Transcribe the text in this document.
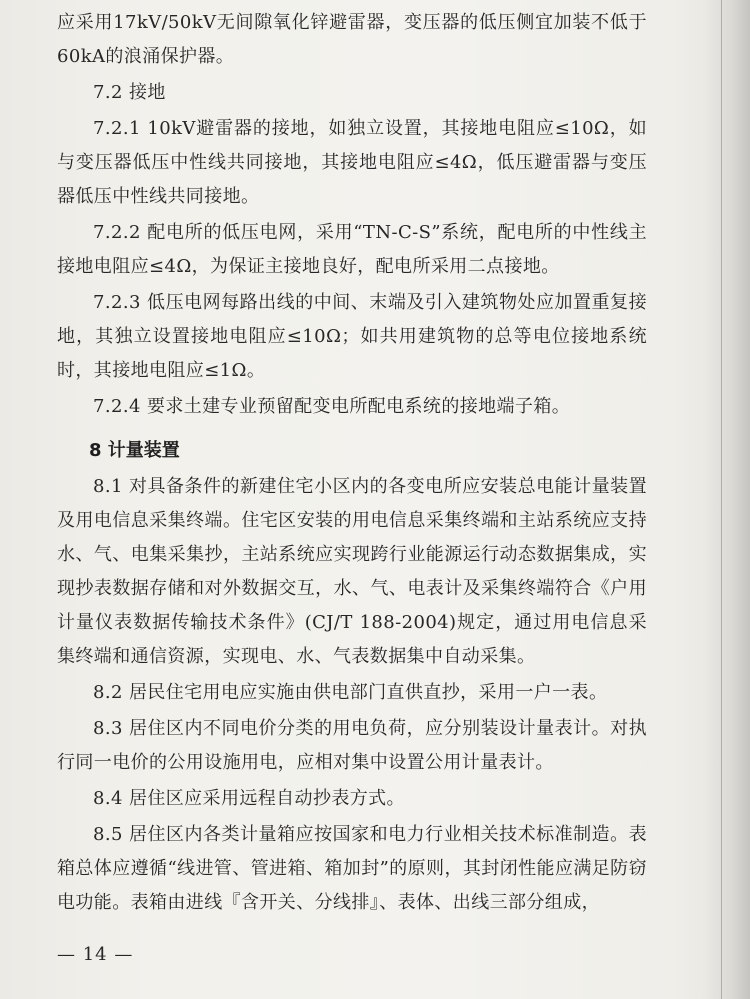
应采用17kV/50kV无间隙氧化锌避雷器，变压器的低压侧宜加装不低于60kA的浪涌保护器。

7.2 接地

7.2.1 10kV避雷器的接地，如独立设置，其接地电阻应≤10Ω，如与变压器低压中性线共同接地，其接地电阻应≤4Ω，低压避雷器与变压器低压中性线共同接地。

7.2.2 配电所的低压电网，采用“TN-C-S”系统，配电所的中性线主接地电阻应≤4Ω，为保证主接地良好，配电所采用二点接地。

7.2.3 低压电网每路出线的中间、末端及引入建筑物处应加置重复接地，其独立设置接地电阻应≤10Ω；如共用建筑物的总等电位接地系统时，其接地电阻应≤1Ω。

7.2.4 要求土建专业预留配变电所配电系统的接地端子箱。

8 计量装置

8.1 对具备条件的新建住宅小区内的各变电所应安装总电能计量装置及用电信息采集终端。住宅区安装的用电信息采集终端和主站系统应支持水、气、电集采集抄，主站系统应实现跨行业能源运行动态数据集成，实现抄表数据存储和对外数据交互，水、气、电表计及采集终端符合《户用计量仪表数据传输技术条件》(CJ/T 188-2004)规定，通过用电信息采集终端和通信资源，实现电、水、气表数据集中自动采集。

8.2 居民住宅用电应实施由供电部门直供直抄，采用一户一表。

8.3 居住区内不同电价分类的用电负荷，应分别装设计量表计。对执行同一电价的公用设施用电，应相对集中设置公用计量表计。

8.4 居住区应采用远程自动抄表方式。

8.5 居住区内各类计量箱应按国家和电力行业相关技术标准制造。表箱总体应遵循“线进管、管进箱、箱加封”的原则，其封闭性能应满足防窃电功能。表箱由进线『含开关、分线排』、表体、出线三部分组成，

— 14 —
